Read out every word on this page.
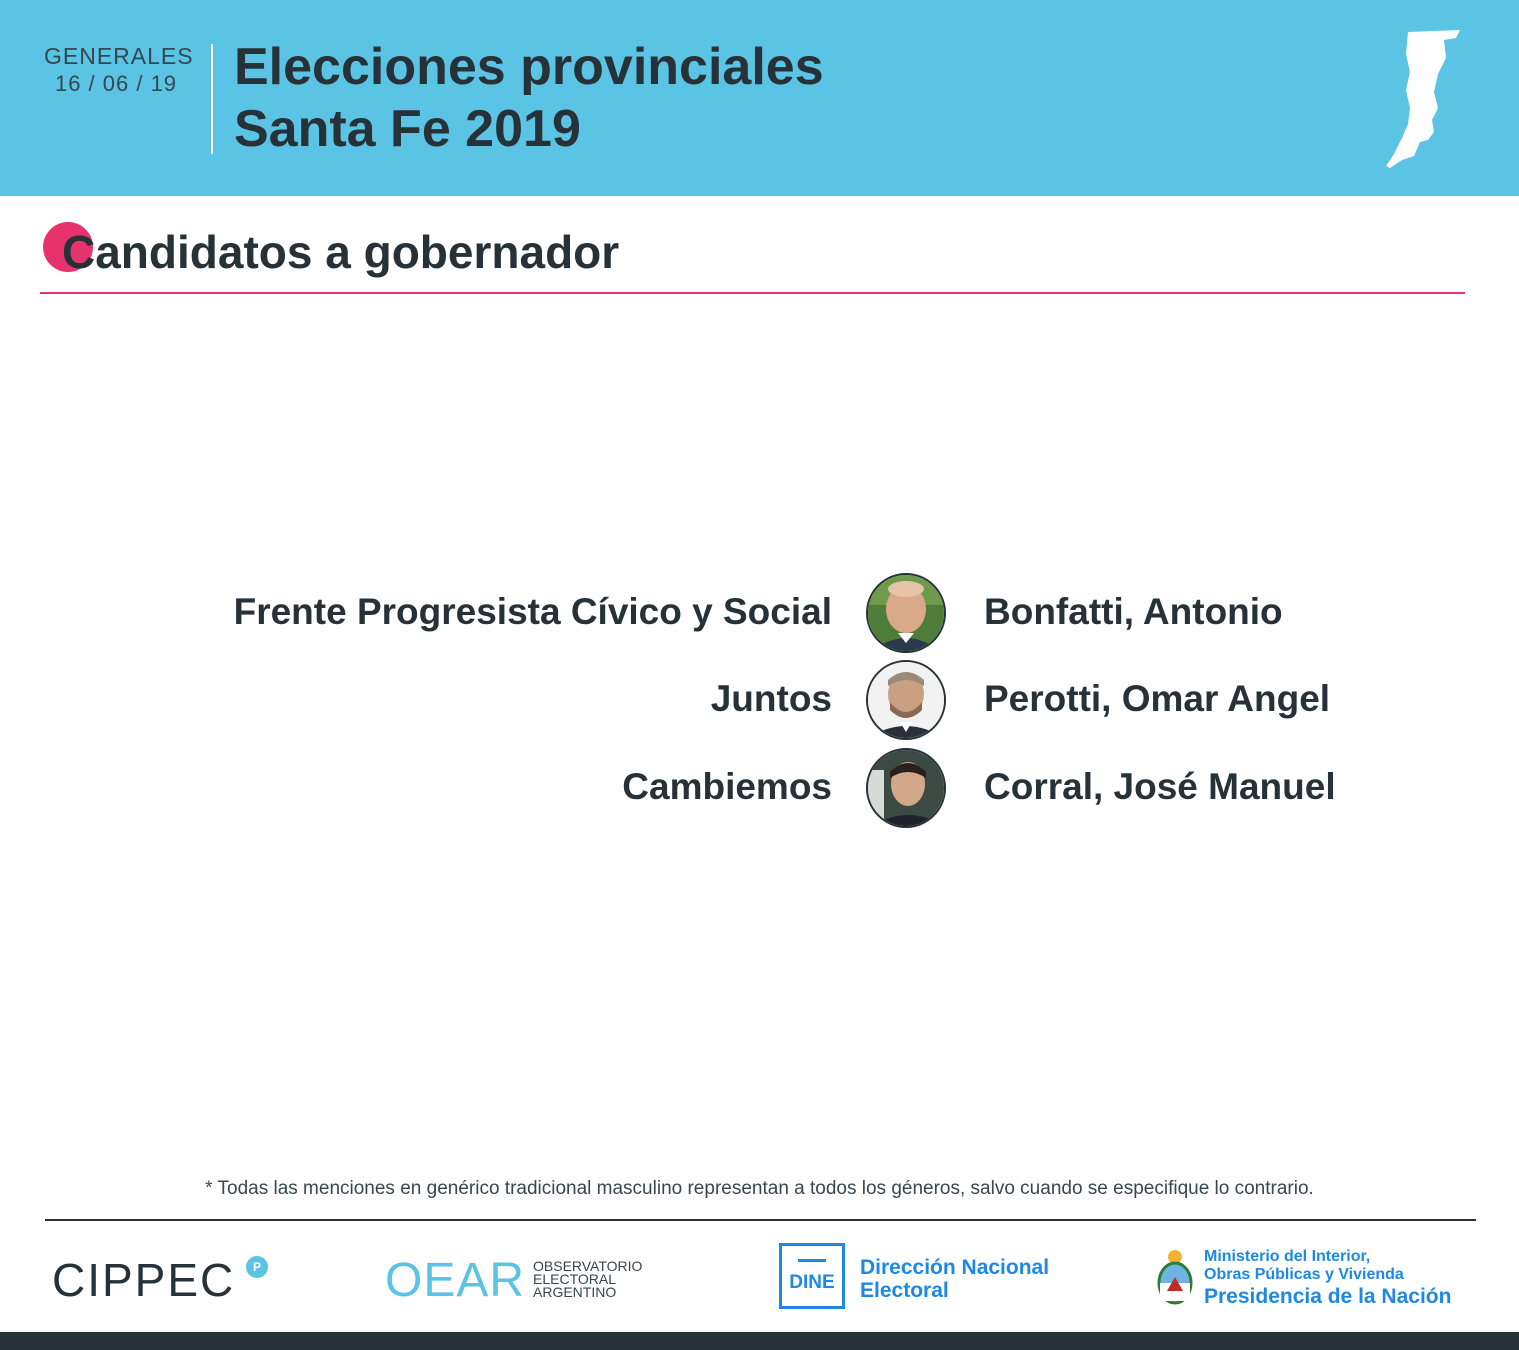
GENERALES
16 / 06 / 19 Elecciones provinciales
Santa Fe 2019
Candidatos a gobernador
Frente Progresista Cívico y Social	Bonfatti, Antonio
Juntos	Perotti, Omar Angel
Cambiemos	Corral, José Manuel
* Todas las menciones en genérico tradicional masculino representan a todos los géneros, salvo cuando se especifique lo contrario.
CIPPEC	P	OEAR OBSERVATORIO
ELECTORAL
ARGENTINO	DINE
Dirección Nacional
Electoral
Ministerio del Interior,
Obras Públicas y Vivienda
Presidencia de la Nación
